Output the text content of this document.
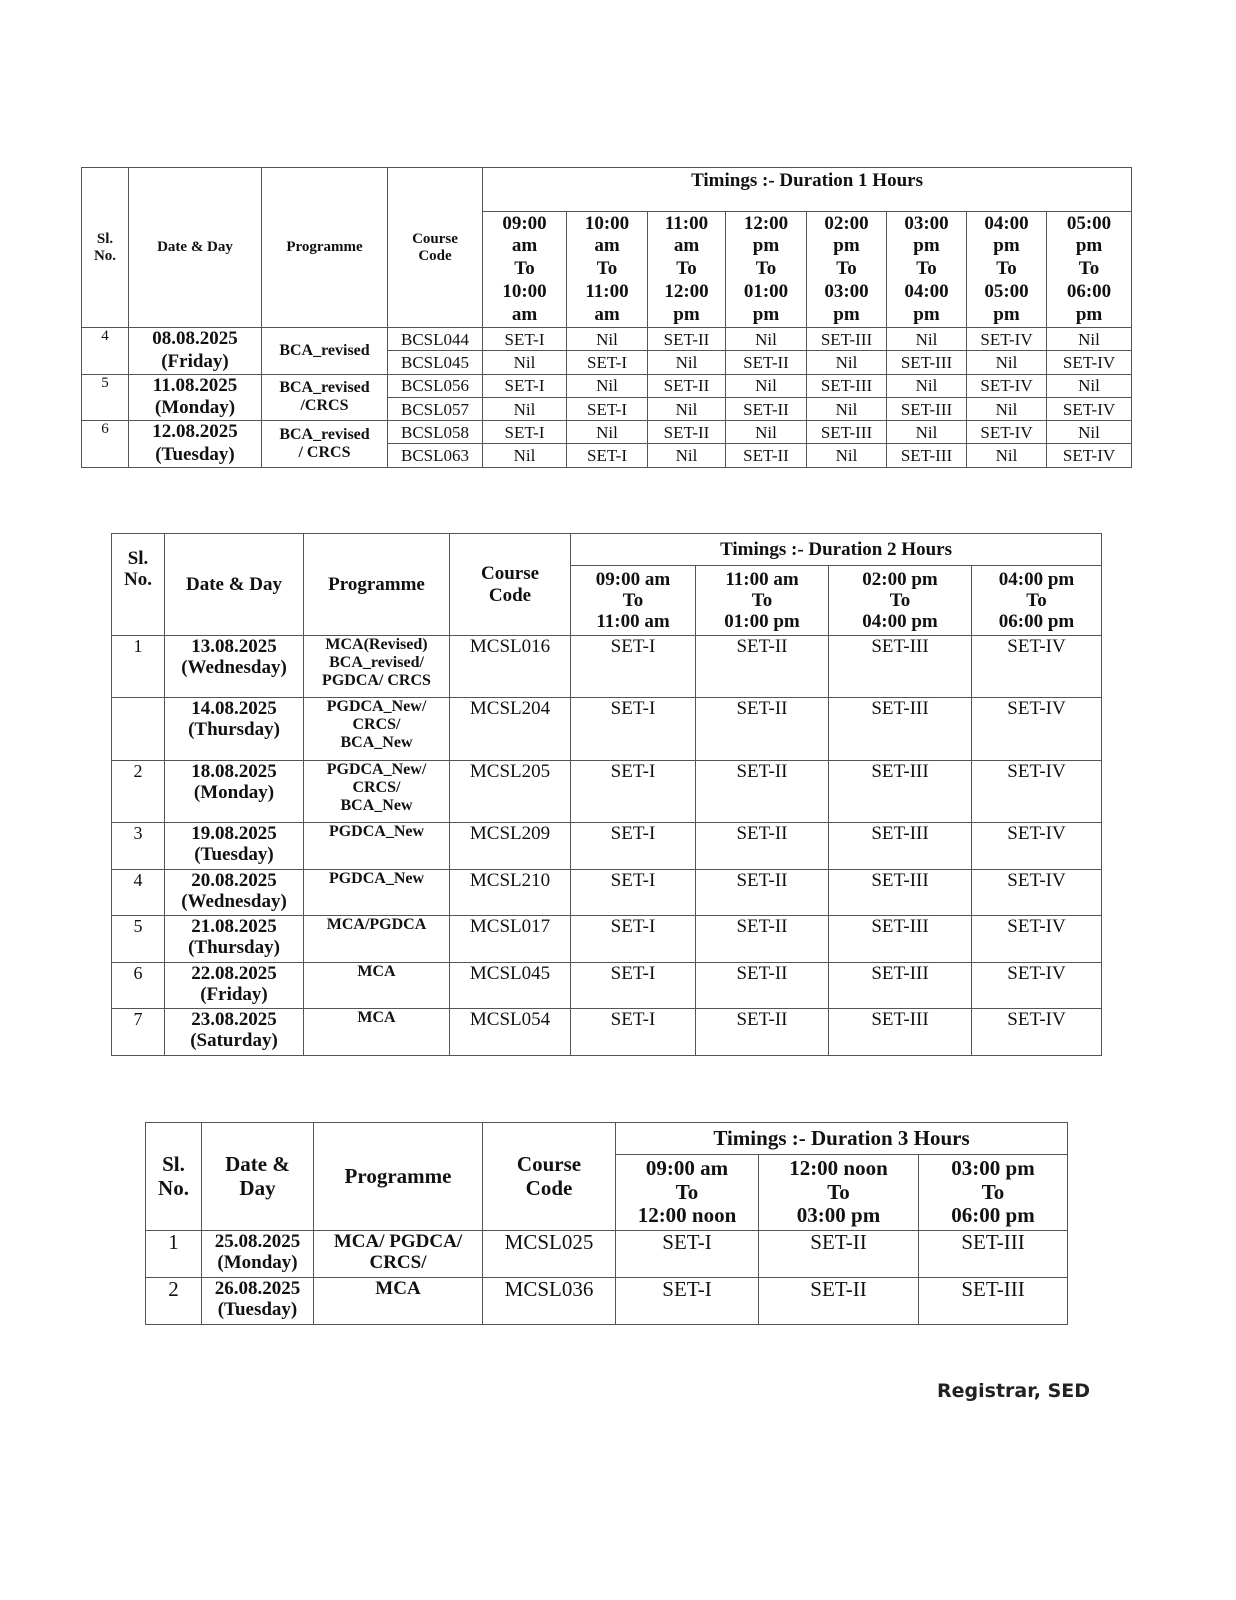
Sl.
No.	Date & Day	Programme	Course
Code	Timings :- Duration 1 Hours							

				09:00
am
To
10:00
am	10:00
am
To
11:00
am	11:00
am
To
12:00
pm	12:00
pm
To
01:00
pm	02:00
pm
To
03:00
pm	03:00
pm
To
04:00
pm	04:00
pm
To
05:00
pm	05:00
pm
To
06:00
pm

4	08.08.2025
(Friday)	BCA_revised	BCSL044	SET-I	Nil	SET-II	Nil	SET-III	Nil	SET-IV	Nil
			BCSL045	Nil	SET-I	Nil	SET-II	Nil	SET-III	Nil	SET-IV
5	11.08.2025
(Monday)	BCA_revised
/CRCS	BCSL056	SET-I	Nil	SET-II	Nil	SET-III	Nil	SET-IV	Nil
			BCSL057	Nil	SET-I	Nil	SET-II	Nil	SET-III	Nil	SET-IV
6	12.08.2025
(Tuesday)	BCA_revised
/ CRCS	BCSL058	SET-I	Nil	SET-II	Nil	SET-III	Nil	SET-IV	Nil
			BCSL063	Nil	SET-I	Nil	SET-II	Nil	SET-III	Nil	SET-IV
Sl.
No.	Date & Day	Programme	Course
Code	Timings :- Duration 2 Hours			

				09:00 am
To
11:00 am	11:00 am
To
01:00 pm	02:00 pm
To
04:00 pm	04:00 pm
To
06:00 pm

1	13.08.2025
(Wednesday)	MCA(Revised)
BCA_revised/
PGDCA/ CRCS	MCSL016	SET-I	SET-II	SET-III	SET-IV

	14.08.2025
(Thursday)	PGDCA_New/
CRCS/
BCA_New	MCSL204	SET-I	SET-II	SET-III	SET-IV
2	18.08.2025
(Monday)	PGDCA_New/
CRCS/
BCA_New	MCSL205	SET-I	SET-II	SET-III	SET-IV
3	19.08.2025
(Tuesday)	PGDCA_New	MCSL209	SET-I	SET-II	SET-III	SET-IV
4	20.08.2025
(Wednesday)	PGDCA_New	MCSL210	SET-I	SET-II	SET-III	SET-IV
5	21.08.2025
(Thursday)	MCA/PGDCA	MCSL017	SET-I	SET-II	SET-III	SET-IV
6	22.08.2025
(Friday)	MCA	MCSL045	SET-I	SET-II	SET-III	SET-IV
7	23.08.2025
(Saturday)	MCA	MCSL054	SET-I	SET-II	SET-III	SET-IV
Sl.
No.	Date &
Day	Programme	Course
Code	Timings :- Duration 3 Hours		

				09:00 am
To
12:00 noon	12:00 noon
To
03:00 pm	03:00 pm
To
06:00 pm

1	25.08.2025
(Monday)	MCA/ PGDCA/
CRCS/	MCSL025	SET-I	SET-II	SET-III
2	26.08.2025
(Tuesday)	MCA	MCSL036	SET-I	SET-II	SET-III
Registrar, SED
